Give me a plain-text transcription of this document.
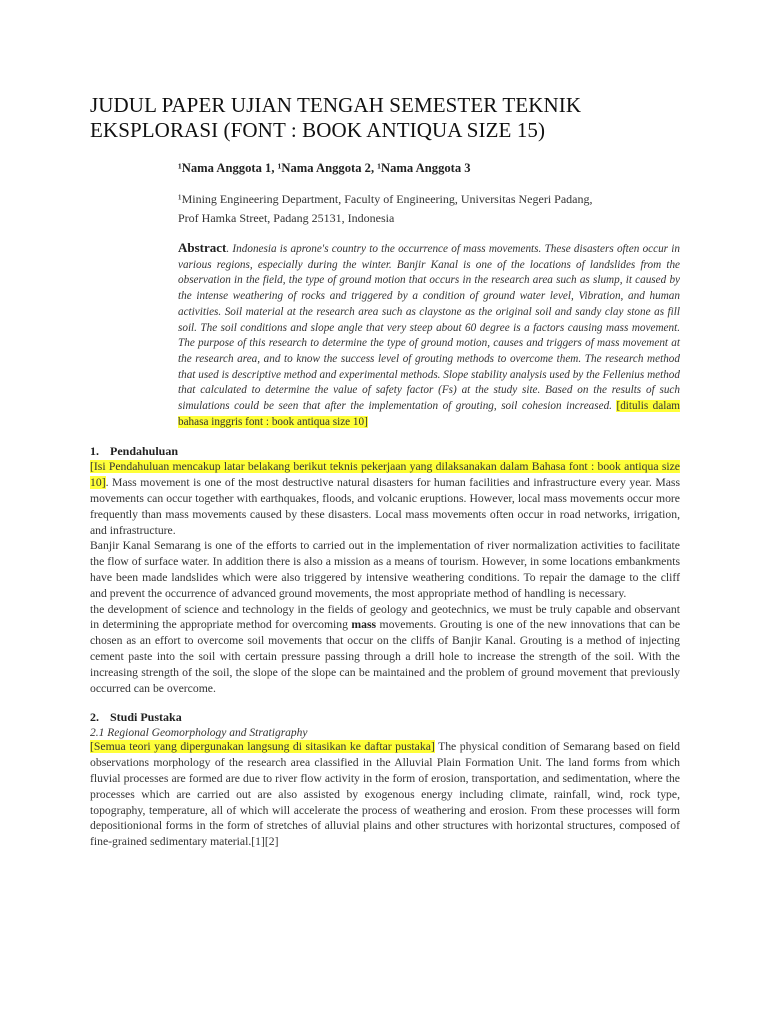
JUDUL PAPER UJIAN TENGAH SEMESTER TEKNIK EKSPLORASI (FONT : BOOK ANTIQUA SIZE 15)
¹Nama Anggota 1, ¹Nama Anggota 2, ¹Nama Anggota 3
¹Mining Engineering Department, Faculty of Engineering, Universitas Negeri Padang,
Prof Hamka Street, Padang 25131, Indonesia

Abstract. Indonesia is aprone's country to the occurrence of mass movements. These disasters often occur in various regions, especially during the winter. Banjir Kanal is one of the locations of landslides from the observation in the field, the type of ground motion that occurs in the research area such as slump, it caused by the intense weathering of rocks and triggered by a condition of ground water level, Vibration, and human activities. Soil material at the research area such as claystone as the original soil and sandy clay stone as fill soil. The soil conditions and slope angle that very steep about 60 degree is a factors causing mass movement. The purpose of this research to determine the type of ground motion, causes and triggers of mass movement at the research area, and to know the success level of grouting methods to overcome them. The research method that used is descriptive method and experimental methods. Slope stability analysis used by the Fellenius method that calculated to determine the value of safety factor (Fs) at the study site. Based on the results of such simulations could be seen that after the implementation of grouting, soil cohesion increased. [ditulis dalam bahasa inggris font : book antiqua size 10]

1. Pendahuluan

[Isi Pendahuluan mencakup latar belakang berikut teknis pekerjaan yang dilaksanakan dalam Bahasa font : book antiqua size 10]. Mass movement is one of the most destructive natural disasters for human facilities and infrastructure every year. Mass movements can occur together with earthquakes, floods, and volcanic eruptions. However, local mass movements occur more frequently than mass movements caused by these disasters. Local mass movements often occur in road networks, irrigation, and infrastructure.

Banjir Kanal Semarang is one of the efforts to carried out in the implementation of river normalization activities to facilitate the flow of surface water. In addition there is also a mission as a means of tourism. However, in some locations embankments have been made landslides which were also triggered by intensive weathering conditions. To repair the damage to the cliff and prevent the occurrence of advanced ground movements, the most appropriate method of handling is necessary.

the development of science and technology in the fields of geology and geotechnics, we must be truly capable and observant in determining the appropriate method for overcoming mass movements. Grouting is one of the new innovations that can be chosen as an effort to overcome soil movements that occur on the cliffs of Banjir Kanal. Grouting is a method of injecting cement paste into the soil with certain pressure passing through a drill hole to increase the strength of the soil. With the increasing strength of the soil, the slope of the slope can be maintained and the problem of ground movement that previously occurred can be overcome.

2. Studi Pustaka
2.1 Regional Geomorphology and Stratigraphy

[Semua teori yang dipergunakan langsung di sitasikan ke daftar pustaka] The physical condition of Semarang based on field observations morphology of the research area classified in the Alluvial Plain Formation Unit. The land forms from which fluvial processes are formed are due to river flow activity in the form of erosion, transportation, and sedimentation, where the processes which are carried out are also assisted by exogenous energy including climate, rainfall, wind, rock type, topography, temperature, all of which will accelerate the process of weathering and erosion. From these processes will form depositionional forms in the form of stretches of alluvial plains and other structures with horizontal structures, composed of fine-grained sedimentary material.[1][2]
